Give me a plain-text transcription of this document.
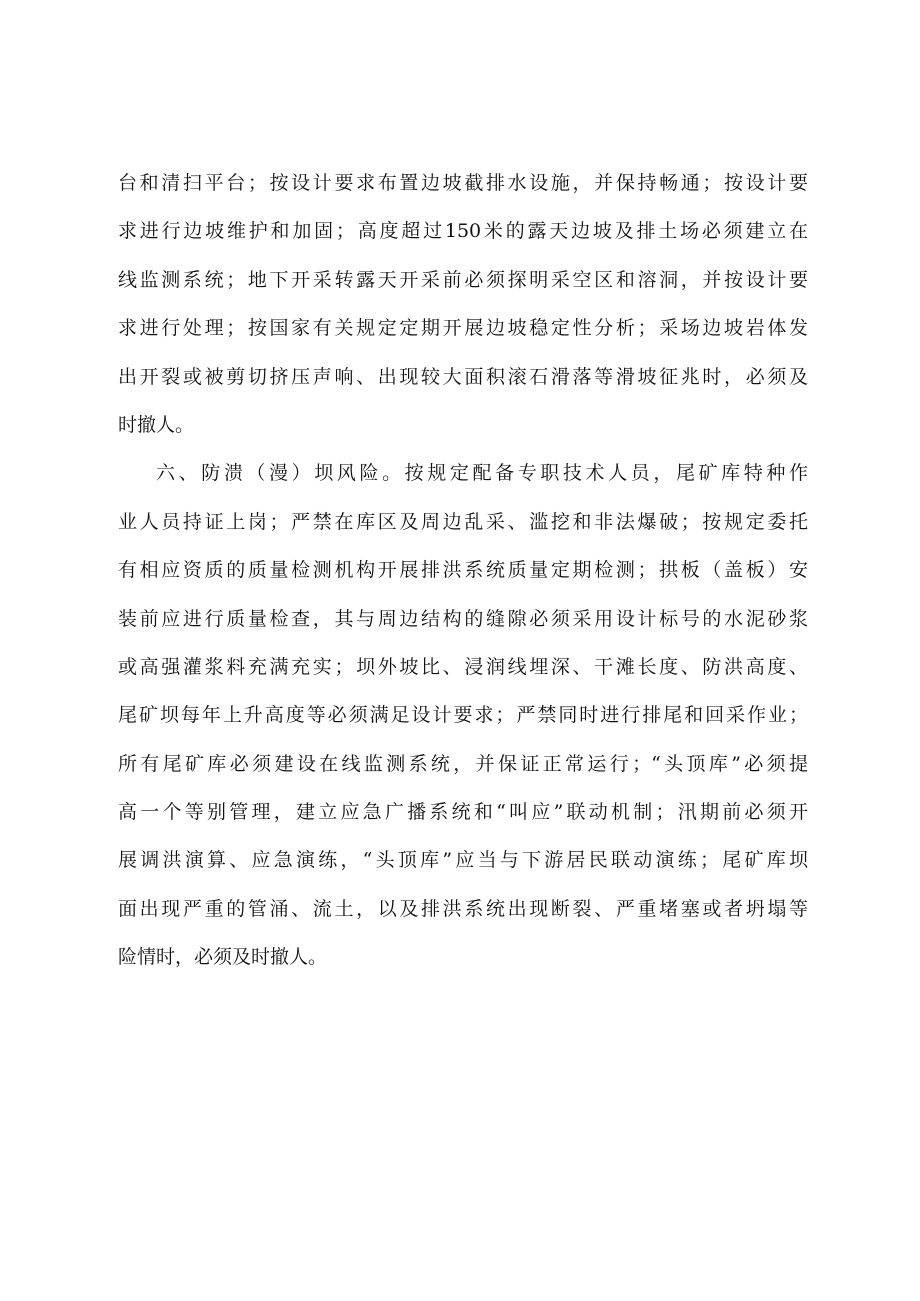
台和清扫平台；按设计要求布置边坡截排水设施，并保持畅通；按设计要
求进行边坡维护和加固；高度超过150米的露天边坡及排土场必须建立在
线监测系统；地下开采转露天开采前必须探明采空区和溶洞，并按设计要
求进行处理；按国家有关规定定期开展边坡稳定性分析；采场边坡岩体发
出开裂或被剪切挤压声响、出现较大面积滚石滑落等滑坡征兆时，必须及
时撤人。
六、防溃（漫）坝风险。按规定配备专职技术人员，尾矿库特种作
业人员持证上岗；严禁在库区及周边乱采、滥挖和非法爆破；按规定委托
有相应资质的质量检测机构开展排洪系统质量定期检测；拱板（盖板）安
装前应进行质量检查，其与周边结构的缝隙必须采用设计标号的水泥砂浆
或高强灌浆料充满充实；坝外坡比、浸润线埋深、干滩长度、防洪高度、
尾矿坝每年上升高度等必须满足设计要求；严禁同时进行排尾和回采作业；
所有尾矿库必须建设在线监测系统，并保证正常运行；“头顶库”必须提
高一个等别管理，建立应急广播系统和“叫应”联动机制；汛期前必须开
展调洪演算、应急演练，“头顶库”应当与下游居民联动演练；尾矿库坝
面出现严重的管涌、流土，以及排洪系统出现断裂、严重堵塞或者坍塌等
险情时，必须及时撤人。
